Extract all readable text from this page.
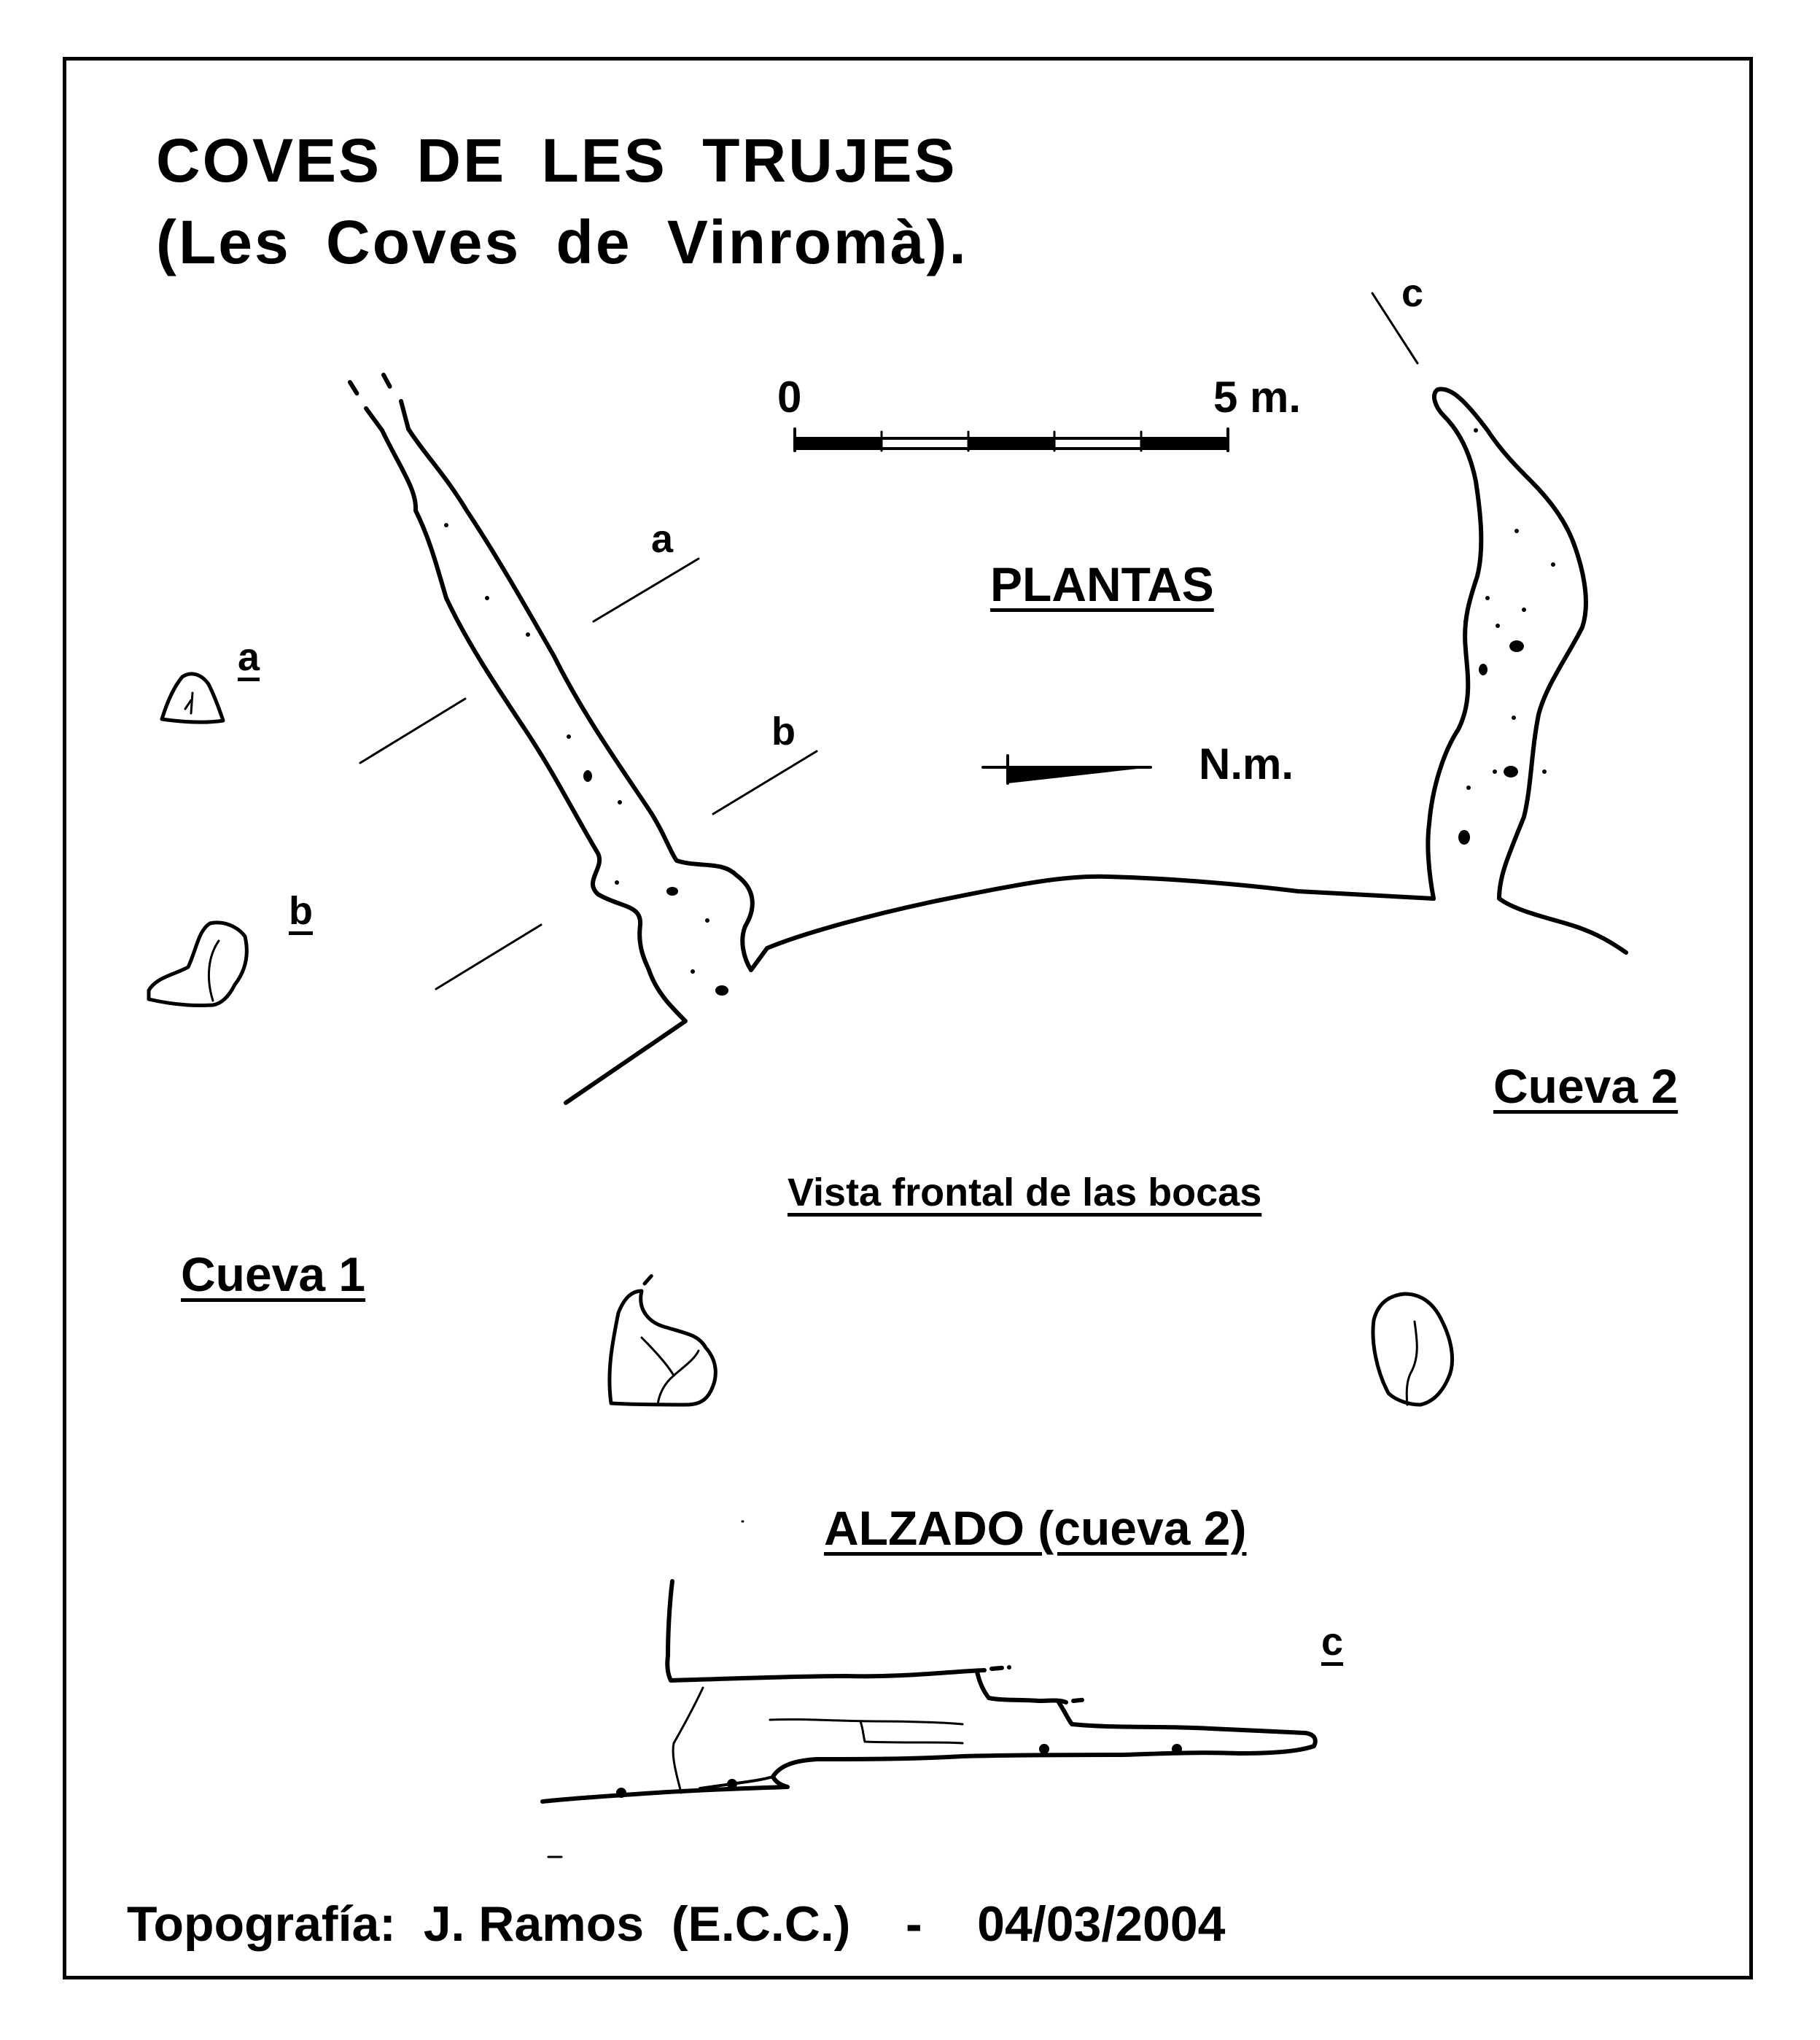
COVES DE LES TRUJES
(Les Coves de Vinromà).
0	5 m.
PLANTAS
N.m.
a
b
c
a
b
Cueva 2
Cueva 1
Vista frontal de las bocas
ALZADO (cueva 2)
c
Topografía:  J. Ramos  (E.C.C.)    -    04/03/2004
